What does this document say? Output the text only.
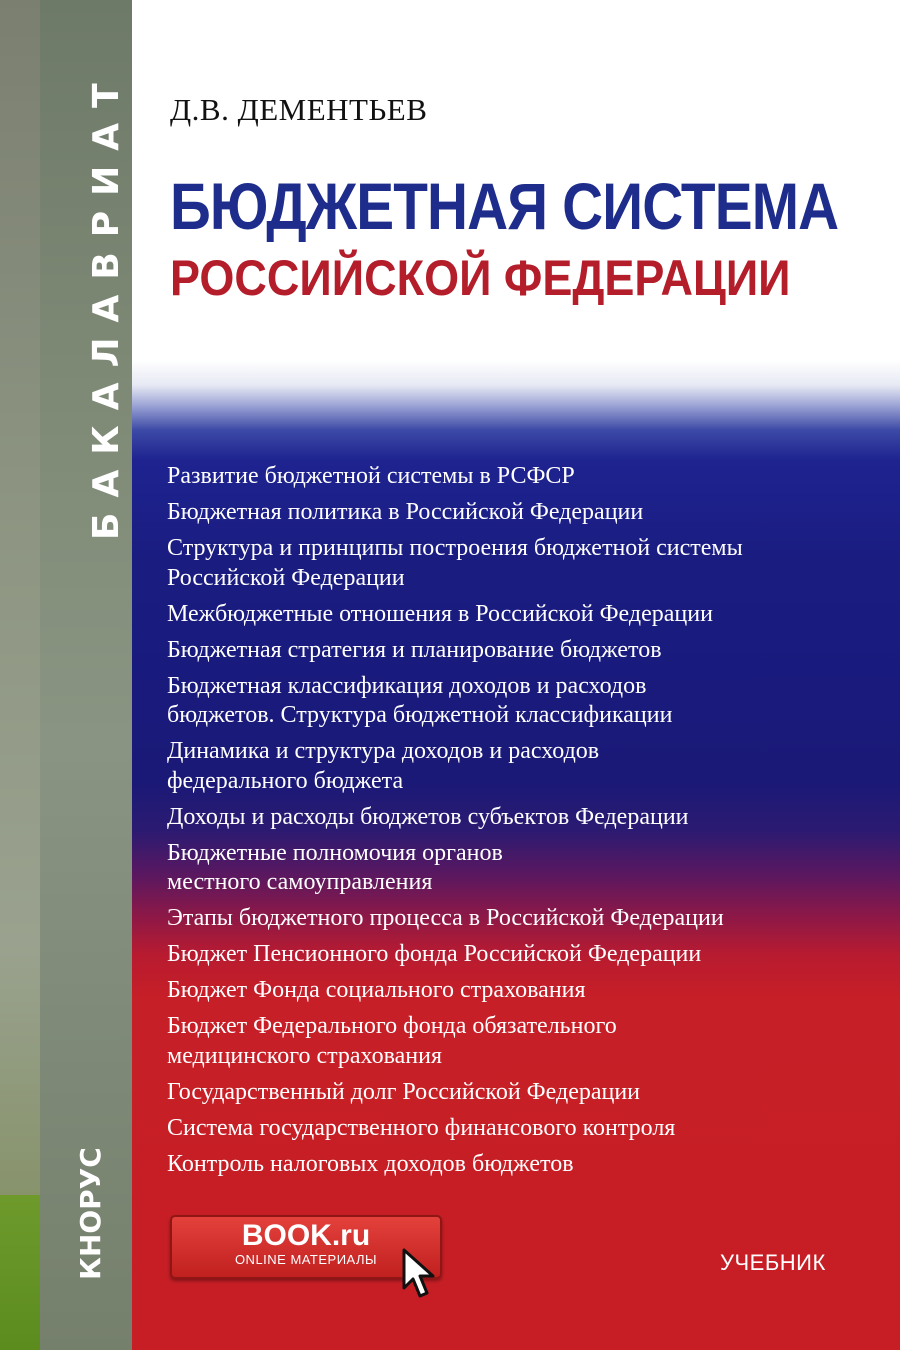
БАКАЛАВРИАТ
КНОРУС
Д.В. ДЕМЕНТЬЕВ
БЮДЖЕТНАЯ СИСТЕМА
РОССИЙСКОЙ ФЕДЕРАЦИИ
Развитие бюджетной системы в РСФСР
Бюджетная политика в Российской Федерации
Структура и принципы построения бюджетной системы
Российской Федерации
Межбюджетные отношения в Российской Федерации
Бюджетная стратегия и планирование бюджетов
Бюджетная классификация доходов и расходов
бюджетов. Структура бюджетной классификации
Динамика и структура доходов и расходов
федерального бюджета
Доходы и расходы бюджетов субъектов Федерации
Бюджетные полномочия органов
местного самоуправления
Этапы бюджетного процесса в Российской Федерации
Бюджет Пенсионного фонда Российской Федерации
Бюджет Фонда социального страхования
Бюджет Федерального фонда обязательного
медицинского страхования
Государственный долг Российской Федерации
Система государственного финансового контроля
Контроль налоговых доходов бюджетов
BOOK.ru
ONLINE МАТЕРИАЛЫ	УЧЕБНИК
